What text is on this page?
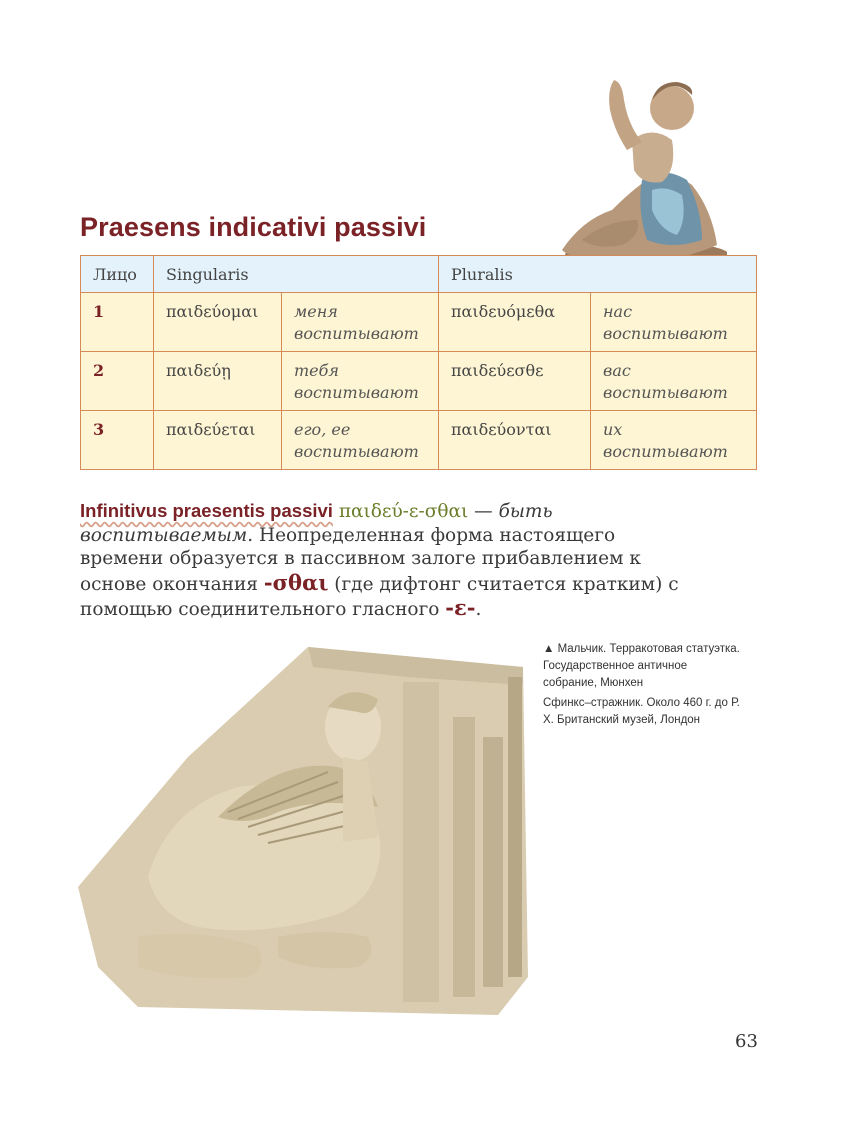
Praesens indicativi passivi
Лицо	Singularis		Pluralis	
1	παιδεύομαι	меня воспитывают	παιδευόμεθα	нас воспитывают
2	παιδεύῃ	тебя воспитывают	παιδεύεσθε	вас воспитывают
3	παιδεύεται	его, ее воспитывают	παιδεύονται	их воспитывают
Infinitivus praesentis passivi παιδεύ-ε-σθαι — быть воспитываемым. Неопределенная форма настоящего времени образуется в пассивном залоге прибавлением к основе окончания -σθαι (где дифтонг считается кратким) с помощью соединительного гласного -ε-.
▲ Мальчик. Терракотовая статуэтка. Государственное античное собрание, Мюнхен
Сфинкс–стражник. Около 460 г. до Р. Х. Британский музей, Лондон
63
